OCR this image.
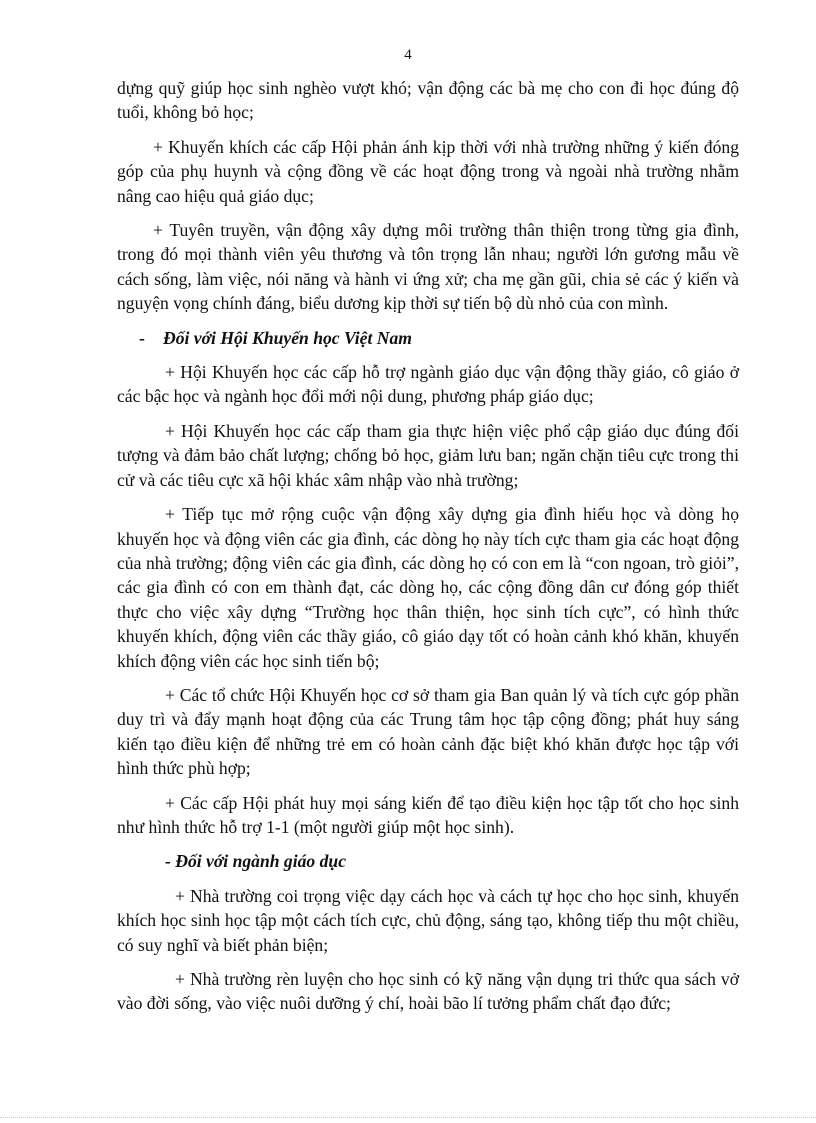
4

dựng quỹ giúp học sinh nghèo vượt khó; vận động các bà mẹ cho con đi học đúng độ tuổi, không bỏ học;

+ Khuyến khích các cấp Hội phản ánh kịp thời với nhà trường những ý kiến đóng góp của phụ huynh và cộng đồng về các hoạt động trong và ngoài nhà trường nhằm nâng cao hiệu quả giáo dục;

+ Tuyên truyền, vận động xây dựng môi trường thân thiện trong từng gia đình, trong đó mọi thành viên yêu thương và tôn trọng lẫn nhau; người lớn gương mẫu về cách sống, làm việc, nói năng và hành vi ứng xử; cha mẹ gần gũi, chia sẻ các ý kiến và nguyện vọng chính đáng, biểu dương kịp thời sự tiến bộ dù nhỏ của con mình.

- Đối với Hội Khuyến học Việt Nam

+ Hội Khuyến học các cấp hỗ trợ ngành giáo dục vận động thầy giáo, cô giáo ở các bậc học và ngành học đổi mới nội dung, phương pháp giáo dục;

+ Hội Khuyến học các cấp tham gia thực hiện việc phổ cập giáo dục đúng đối tượng và đảm bảo chất lượng; chống bỏ học, giảm lưu ban; ngăn chặn tiêu cực trong thi cử và các tiêu cực xã hội khác xâm nhập vào nhà trường;

+ Tiếp tục mở rộng cuộc vận động xây dựng gia đình hiếu học và dòng họ khuyến học và động viên các gia đình, các dòng họ này tích cực tham gia các hoạt động của nhà trường; động viên các gia đình, các dòng họ có con em là “con ngoan, trò giỏi”, các gia đình có con em thành đạt, các dòng họ, các cộng đồng dân cư đóng góp thiết thực cho việc xây dựng “Trường học thân thiện, học sinh tích cực”, có hình thức khuyến khích, động viên các thầy giáo, cô giáo dạy tốt có hoàn cảnh khó khăn, khuyến khích động viên các học sinh tiến bộ;

+ Các tổ chức Hội Khuyến học cơ sở tham gia Ban quản lý và tích cực góp phần duy trì và đẩy mạnh hoạt động của các Trung tâm học tập cộng đồng; phát huy sáng kiến tạo điều kiện để những trẻ em có hoàn cảnh đặc biệt khó khăn được học tập với hình thức phù hợp;

+ Các cấp Hội phát huy mọi sáng kiến để tạo điều kiện học tập tốt cho học sinh như hình thức hỗ trợ 1-1 (một người giúp một học sinh).

- Đối với ngành giáo dục

+ Nhà trường coi trọng việc dạy cách học và cách tự học cho học sinh, khuyến khích học sinh học tập một cách tích cực, chủ động, sáng tạo, không tiếp thu một chiều, có suy nghĩ và biết phản biện;

+ Nhà trường rèn luyện cho học sinh có kỹ năng vận dụng tri thức qua sách vở vào đời sống, vào việc nuôi dưỡng ý chí, hoài bão lí tưởng phẩm chất đạo đức;
